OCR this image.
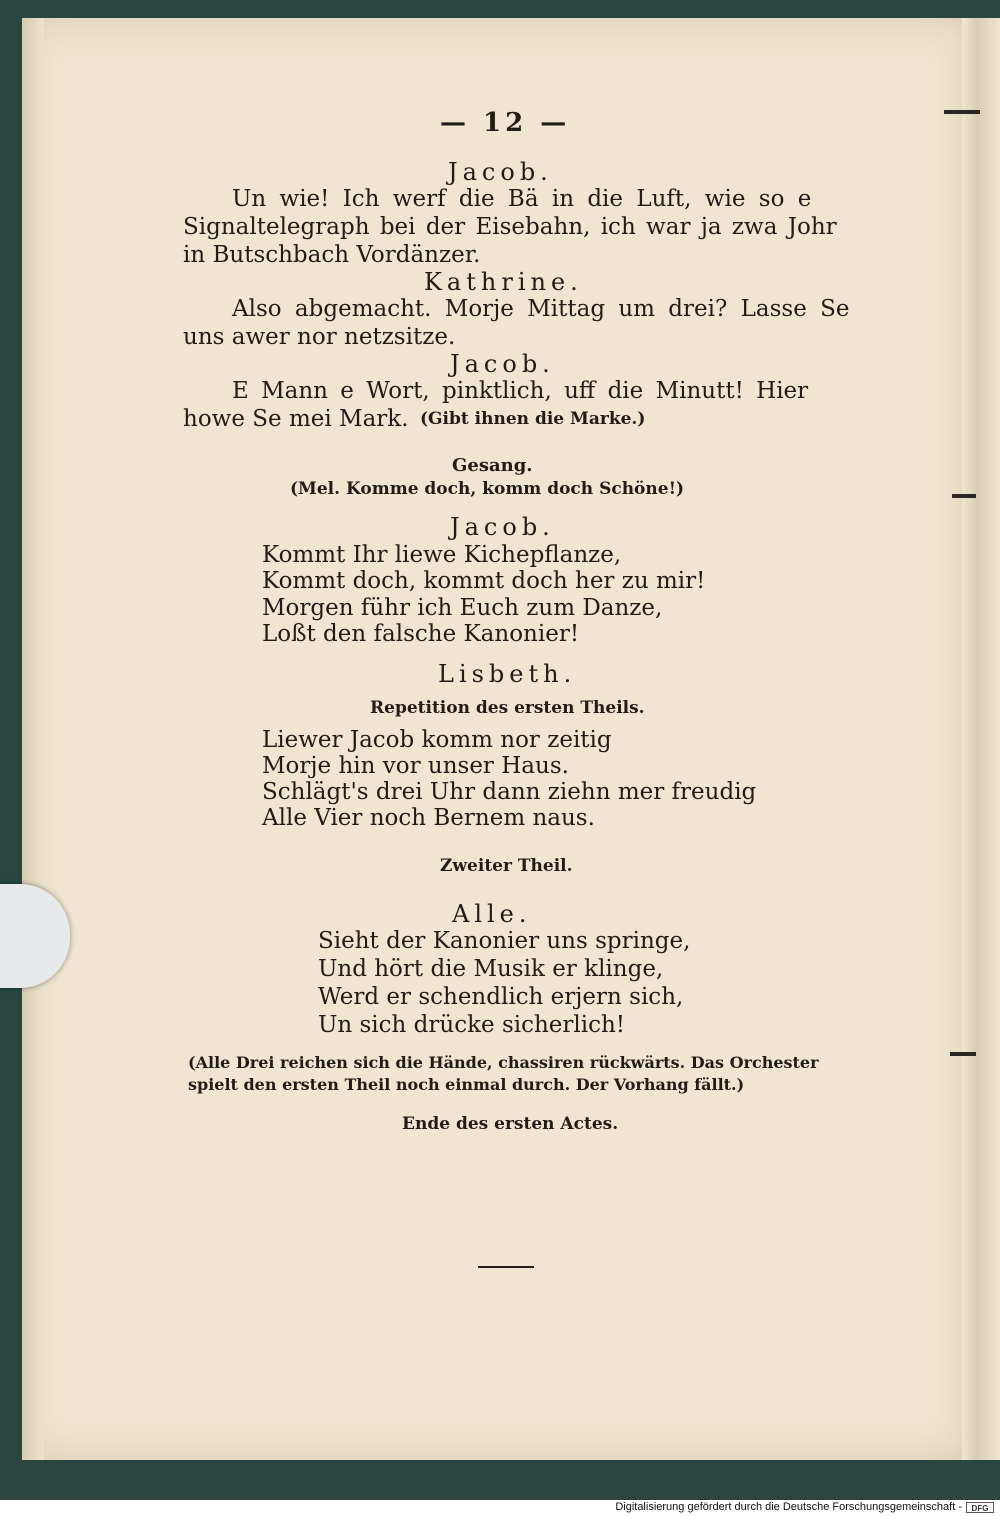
— 12 —

Jacob.

Un wie! Ich werf die Bä in die Luft, wie so e

Signaltelegraph bei der Eisebahn, ich war ja zwa Johr

in Butschbach Vordänzer.

Kathrine.

Also abgemacht. Morje Mittag um drei? Lasse Se

uns awer nor netzsitze.

Jacob.

E Mann e Wort, pinktlich, uff die Minutt! Hier

howe Se mei Mark. (Gibt ihnen die Marke.)

Gesang.

(Mel. Komme doch, komm doch Schöne!)

Jacob.

Kommt Ihr liewe Kichepflanze,

Kommt doch, kommt doch her zu mir!

Morgen führ ich Euch zum Danze,

Loßt den falsche Kanonier!

Lisbeth.

Repetition des ersten Theils.

Liewer Jacob komm nor zeitig

Morje hin vor unser Haus.

Schlägt's drei Uhr dann ziehn mer freudig

Alle Vier noch Bernem naus.

Zweiter Theil.

Alle.

Sieht der Kanonier uns springe,

Und hört die Musik er klinge,

Werd er schendlich erjern sich,

Un sich drücke sicherlich!

(Alle Drei reichen sich die Hände, chassiren rückwärts. Das Orchester

spielt den ersten Theil noch einmal durch. Der Vorhang fällt.)

Ende des ersten Actes.

Digitalisierung gefördert durch die Deutsche Forschungsgemeinschaft -	DFG
